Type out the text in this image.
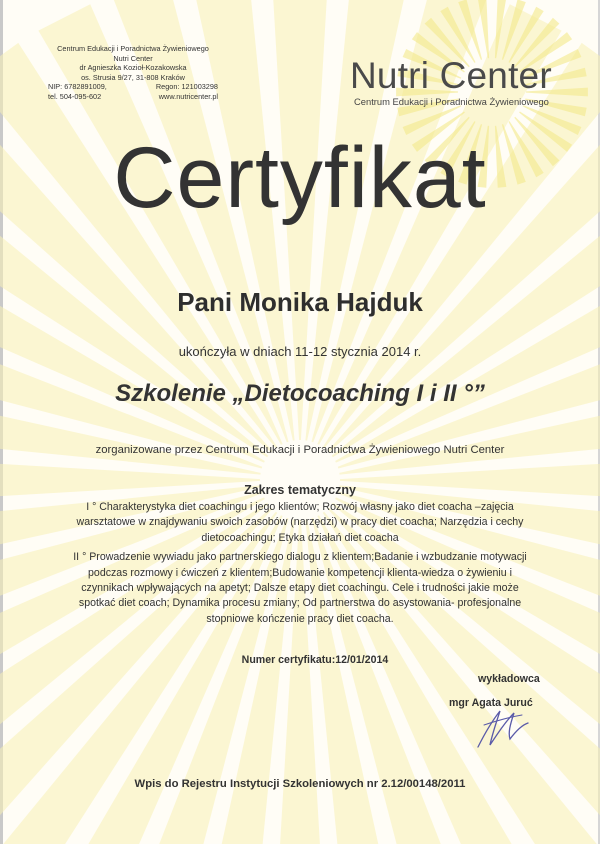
Centrum Edukacji i Poradnictwa Żywieniowego
Nutri Center
dr Agnieszka Kozioł-Kozakowska
os. Strusia 9/27, 31-808 Kraków
NIP: 6782891009,	Regon: 121003298
tel. 504-095-602	www.nutricenter.pl
Nutri Center
Centrum Edukacji i Poradnictwa Żywieniowego
Certyfikat
Pani Monika Hajduk
ukończyła w dniach 11-12 stycznia 2014 r.
Szkolenie „Dietocoaching I i II °”
zorganizowane przez Centrum Edukacji i Poradnictwa Żywieniowego Nutri Center
Zakres tematyczny

I ° Charakterystyka diet coachingu i jego klientów; Rozwój własny jako diet coacha –zajęcia warsztatowe w znajdywaniu swoich zasobów (narzędzi) w pracy diet coacha; Narzędzia i cechy dietocoachingu; Etyka działań diet coacha

II ° Prowadzenie wywiadu jako partnerskiego dialogu z klientem;Badanie i wzbudzanie motywacji podczas rozmowy i ćwiczeń z klientem;Budowanie kompetencji klienta-wiedza o żywieniu i czynnikach wpływających na apetyt; Dalsze etapy diet coachingu. Cele i trudności jakie może spotkać diet coach; Dynamika procesu zmiany; Od partnerstwa do asystowania- profesjonalne stopniowe kończenie pracy diet coacha.

Numer certyfikatu:12/01/2014
wykładowca
mgr Agata Juruć
Wpis do Rejestru Instytucji Szkoleniowych nr 2.12/00148/2011
